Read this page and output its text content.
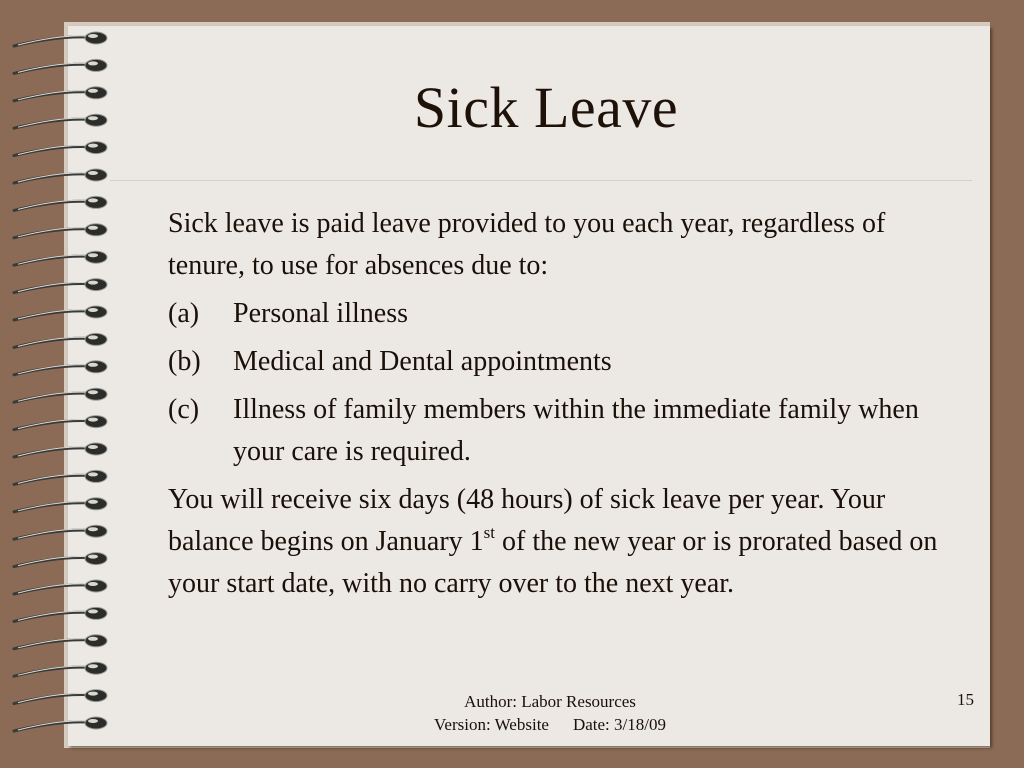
Sick Leave

Sick leave is paid leave provided to you each year, regardless of tenure, to use for absences due to:

(a)	Personal illness
(b)	Medical and Dental appointments
(c)	Illness of family members within the immediate family when your care is required.

You will receive six days (48 hours) of sick leave per year. Your balance begins on January 1st of the new year or is prorated based on your start date, with no carry over to the next year.

Author: Labor Resources
Version: Website Date: 3/18/09
15
